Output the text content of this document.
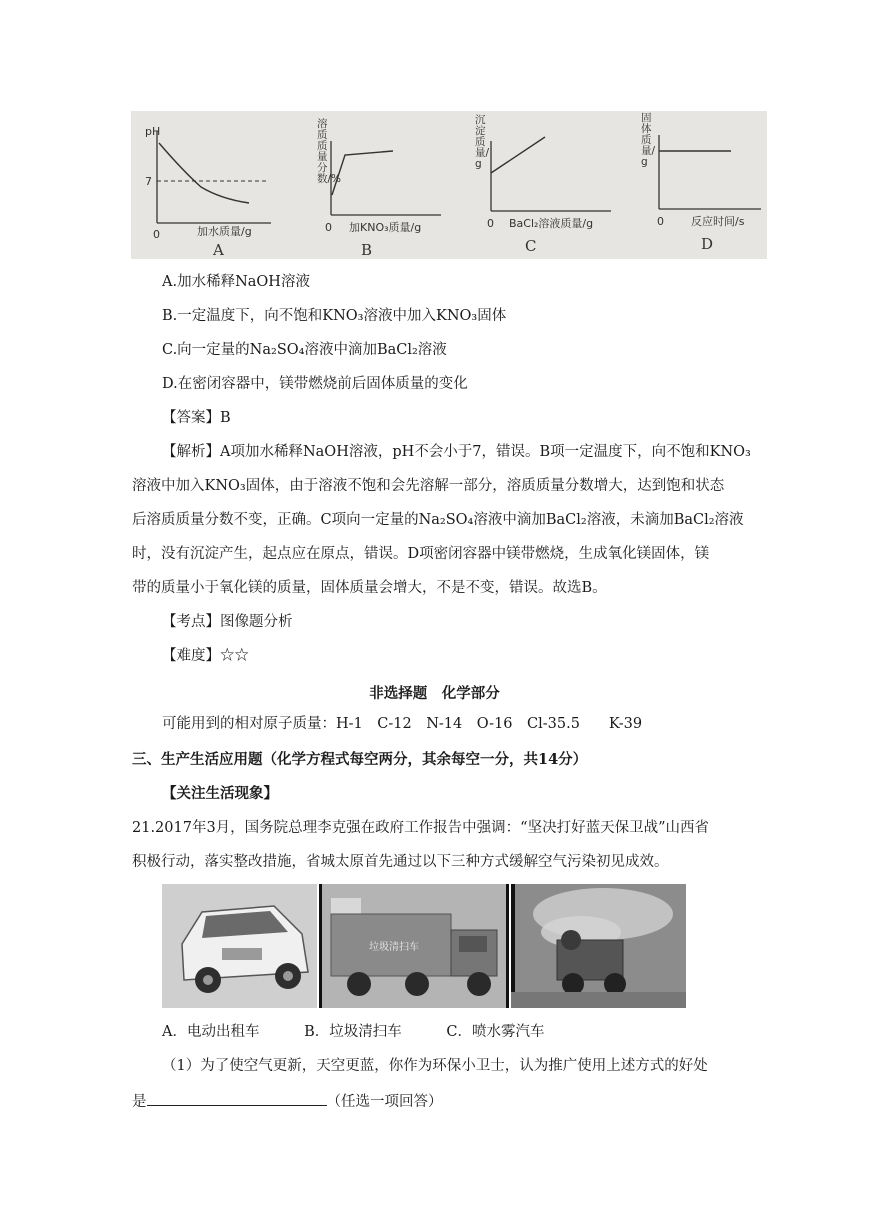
pH
7
0	加水质量/g
A
溶质质量分数/%
0 加KNO₃质量/g
B
沉淀质量/g
0 BaCl₂溶液质量/g
C
固体质量/g
0 反应时间/s
D
A.加水稀释NaOH溶液
B.一定温度下，向不饱和KNO₃溶液中加入KNO₃固体
C.向一定量的Na₂SO₄溶液中滴加BaCl₂溶液
D.在密闭容器中，镁带燃烧前后固体质量的变化
【答案】B
【解析】A项加水稀释NaOH溶液，pH不会小于7，错误。B项一定温度下，向不饱和KNO₃
溶液中加入KNO₃固体，由于溶液不饱和会先溶解一部分，溶质质量分数增大，达到饱和状态
后溶质质量分数不变，正确。C项向一定量的Na₂SO₄溶液中滴加BaCl₂溶液，未滴加BaCl₂溶液
时，没有沉淀产生，起点应在原点，错误。D项密闭容器中镁带燃烧，生成氧化镁固体，镁
带的质量小于氧化镁的质量，固体质量会增大，不是不变，错误。故选B。
【考点】图像题分析
【难度】☆☆
非选择题　化学部分
可能用到的相对原子质量：H-1　C-12　N-14　O-16　Cl-35.5　　K-39
三、生产生活应用题（化学方程式每空两分，其余每空一分，共14分）
【关注生活现象】
21.2017年3月，国务院总理李克强在政府工作报告中强调：“坚决打好蓝天保卫战”山西省
积极行动，落实整改措施，省城太原首先通过以下三种方式缓解空气污染初见成效。
垃圾清扫车
A．电动出租车	B．垃圾清扫车	C．喷水雾汽车
（1）为了使空气更新，天空更蓝，你作为环保小卫士，认为推广使用上述方式的好处
是	（任选一项回答）
